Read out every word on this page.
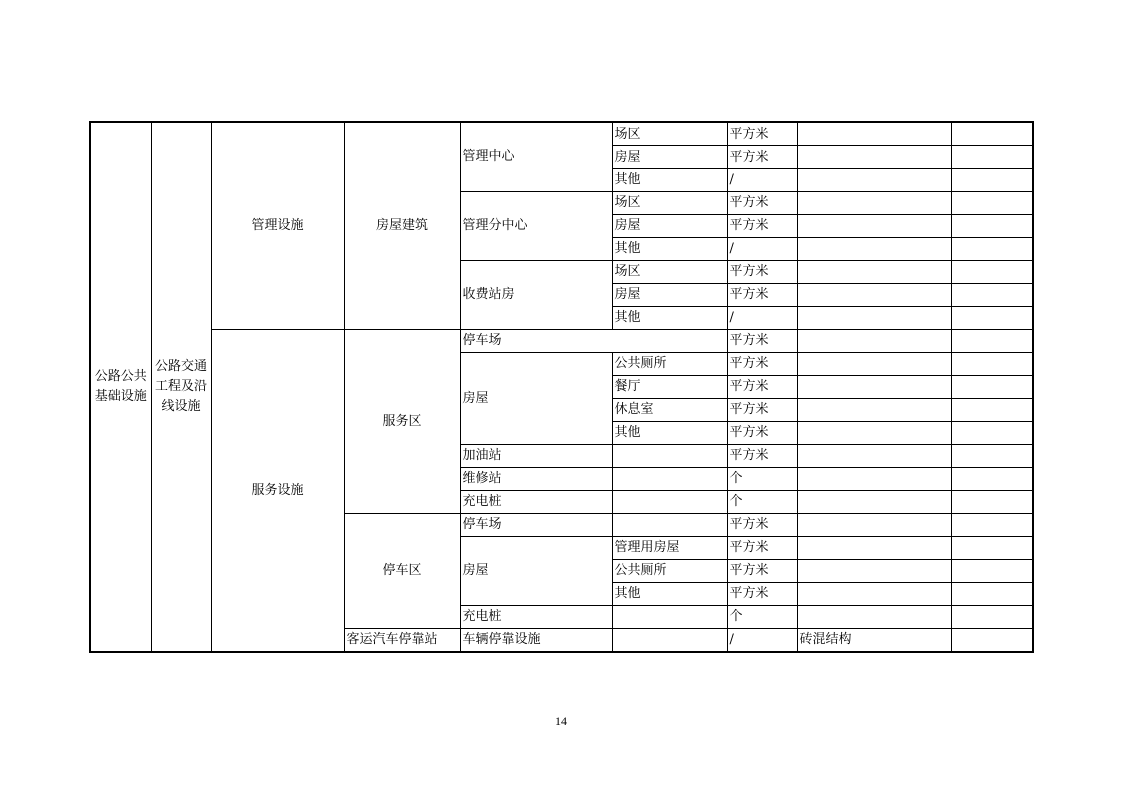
公路公共基础设施	公路交通工程及沿线设施	管理设施	房屋建筑	管理中心	场区	平方米		
					房屋	平方米		
					其他	/		
				管理分中心	场区	平方米		
					房屋	平方米		
					其他	/		
				收费站房	场区	平方米		
					房屋	平方米		
					其他	/		
		服务设施	服务区	停车场		平方米		
				房屋	公共厕所	平方米		
					餐厅	平方米		
					休息室	平方米		
					其他	平方米		
				加油站		平方米		
				维修站		个		
				充电桩		个		
			停车区	停车场		平方米		
				房屋	管理用房屋	平方米		
					公共厕所	平方米		
					其他	平方米		
				充电桩		个		
			客运汽车停靠站	车辆停靠设施		/	砖混结构	
14
